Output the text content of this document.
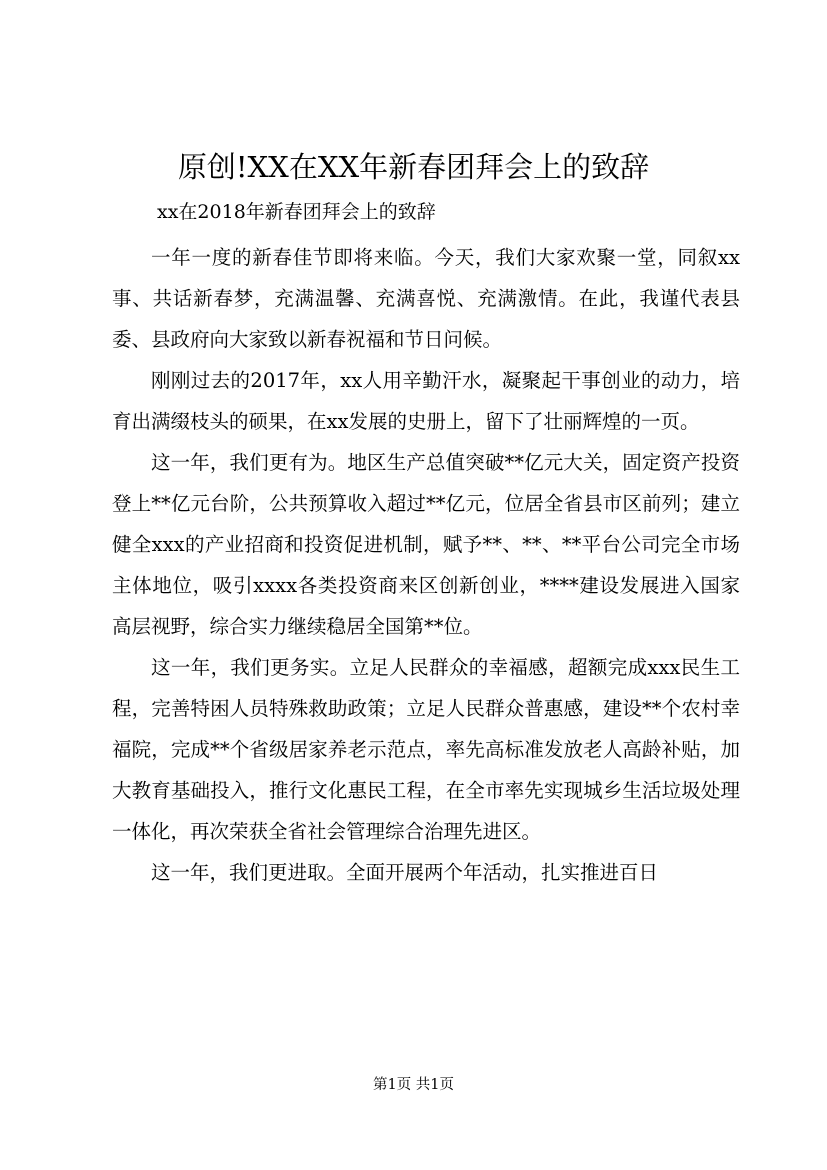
原创!XX在XX年新春团拜会上的致辞

xx在2018年新春团拜会上的致辞

一年一度的新春佳节即将来临。今天，我们大家欢聚一堂，同叙xx事、共话新春梦，充满温馨、充满喜悦、充满激情。在此，我谨代表县委、县政府向大家致以新春祝福和节日问候。

刚刚过去的2017年，xx人用辛勤汗水，凝聚起干事创业的动力，培育出满缀枝头的硕果，在xx发展的史册上，留下了壮丽辉煌的一页。

这一年，我们更有为。地区生产总值突破**亿元大关，固定资产投资登上**亿元台阶，公共预算收入超过**亿元，位居全省县市区前列；建立健全xxx的产业招商和投资促进机制，赋予**、**、**平台公司完全市场主体地位，吸引xxxx各类投资商来区创新创业，****建设发展进入国家高层视野，综合实力继续稳居全国第**位。

这一年，我们更务实。立足人民群众的幸福感，超额完成xxx民生工程，完善特困人员特殊救助政策；立足人民群众普惠感，建设**个农村幸福院，完成**个省级居家养老示范点，率先高标准发放老人高龄补贴，加大教育基础投入，推行文化惠民工程，在全市率先实现城乡生活垃圾处理一体化，再次荣获全省社会管理综合治理先进区。

这一年，我们更进取。全面开展两个年活动，扎实推进百日

第1页 共1页
